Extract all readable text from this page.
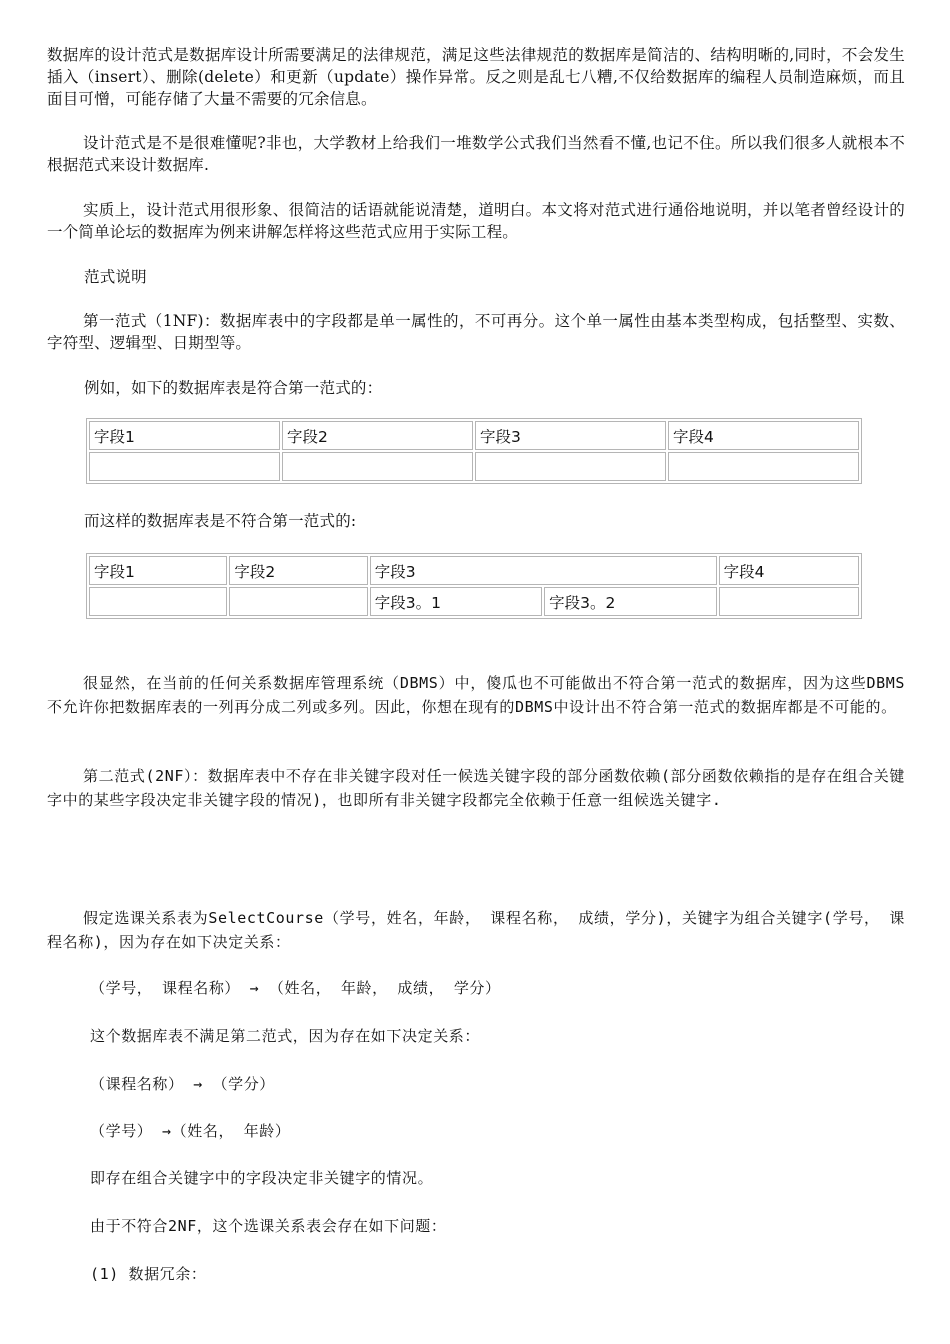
数据库的设计范式是数据库设计所需要满足的法律规范，满足这些法律规范的数据库是简洁的、结构明晰的,同时，不会发生插入（insert）、删除(delete）和更新（update）操作异常。反之则是乱七八糟,不仅给数据库的编程人员制造麻烦，而且面目可憎，可能存储了大量不需要的冗余信息。

设计范式是不是很难懂呢?非也，大学教材上给我们一堆数学公式我们当然看不懂,也记不住。所以我们很多人就根本不根据范式来设计数据库.

实质上，设计范式用很形象、很简洁的话语就能说清楚，道明白。本文将对范式进行通俗地说明，并以笔者曾经设计的一个简单论坛的数据库为例来讲解怎样将这些范式应用于实际工程。

范式说明

第一范式（1NF)：数据库表中的字段都是单一属性的，不可再分。这个单一属性由基本类型构成，包括整型、实数、字符型、逻辑型、日期型等。

例如，如下的数据库表是符合第一范式的：

字段1	字段2	字段3	字段4

而这样的数据库表是不符合第一范式的:

字段1	字段2	字段3		字段4
		字段3。1	字段3。2	

很显然，在当前的任何关系数据库管理系统（DBMS）中，傻瓜也不可能做出不符合第一范式的数据库，因为这些DBMS不允许你把数据库表的一列再分成二列或多列。因此，你想在现有的DBMS中设计出不符合第一范式的数据库都是不可能的。

第二范式(2NF）：数据库表中不存在非关键字段对任一候选关键字段的部分函数依赖(部分函数依赖指的是存在组合关键字中的某些字段决定非关键字段的情况)，也即所有非关键字段都完全依赖于任意一组候选关键字.

假定选课关系表为SelectCourse（学号，姓名，年龄， 课程名称， 成绩，学分)，关键字为组合关键字(学号， 课程名称)，因为存在如下决定关系：

（学号， 课程名称） → （姓名， 年龄， 成绩， 学分）

这个数据库表不满足第二范式，因为存在如下决定关系：

（课程名称） → （学分）

（学号） →（姓名， 年龄）

即存在组合关键字中的字段决定非关键字的情况。

由于不符合2NF，这个选课关系表会存在如下问题：

(1) 数据冗余：
